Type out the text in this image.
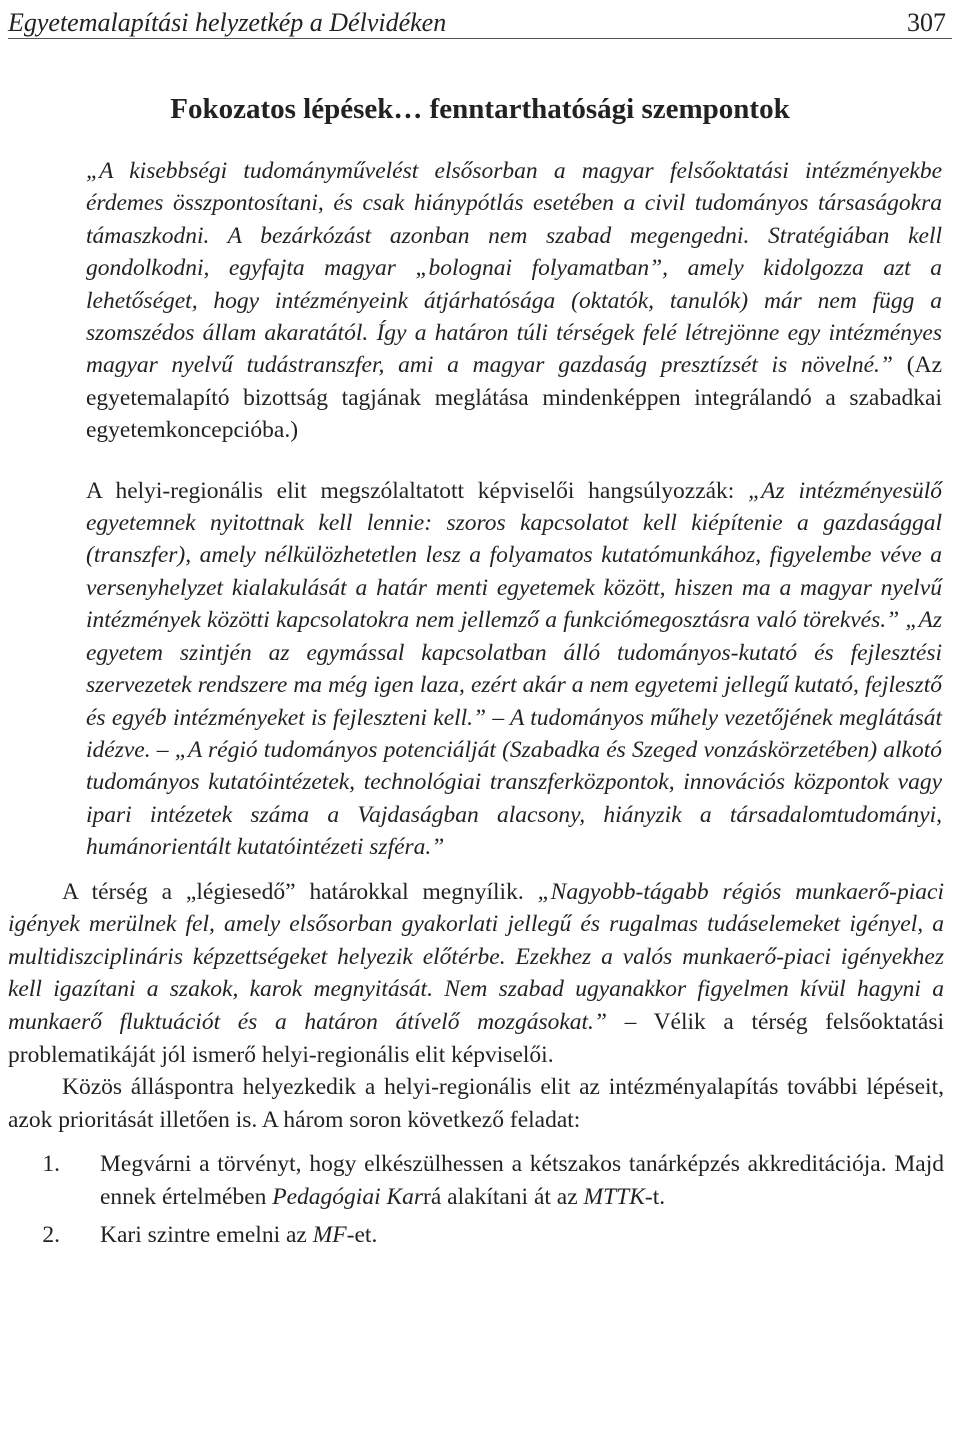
Egyetemalapítási helyzetkép a Délvidéken	307
Fokozatos lépések… fenntarthatósági szempontok
„A kisebbségi tudományművelést elsősorban a magyar felsőoktatási intézményekbe érdemes összpontosítani, és csak hiánypótlás esetében a civil tudományos társaságokra támaszkodni. A bezárkózást azonban nem szabad megengedni. Stratégiában kell gondolkodni, egyfajta magyar „bolognai folyamatban”, amely kidolgozza azt a lehetőséget, hogy intézményeink átjárhatósága (oktatók, tanulók) már nem függ a szomszédos állam akaratától. Így a határon túli térségek felé létrejönne egy intézményes magyar nyelvű tudástranszfer, ami a magyar gazdaság presztízsét is növelné.” (Az egyetemalapító bizottság tagjának meglátása mindenképpen integrálandó a szabadkai egyetemkoncepcióba.)
A helyi-regionális elit megszólaltatott képviselői hangsúlyozzák: „Az intézményesülő egyetemnek nyitottnak kell lennie: szoros kapcsolatot kell kiépítenie a gazdasággal (transzfer), amely nélkülözhetetlen lesz a folyamatos kutatómunkához, figyelembe véve a versenyhelyzet kialakulását a határ menti egyetemek között, hiszen ma a magyar nyelvű intézmények közötti kapcsolatokra nem jellemző a funkciómegosztásra való törekvés.” „Az egyetem szintjén az egymással kapcsolatban álló tudományos-kutató és fejlesztési szervezetek rendszere ma még igen laza, ezért akár a nem egyetemi jellegű kutató, fejlesztő és egyéb intézményeket is fejleszteni kell.” – A tudományos műhely vezetőjének meglátását idézve. – „A régió tudományos potenciálját (Szabadka és Szeged vonzáskörzetében) alkotó tudományos kutatóintézetek, technológiai transzferközpontok, innovációs központok vagy ipari intézetek száma a Vajdaságban alacsony, hiányzik a társadalomtudományi, humánorientált kutatóintézeti szféra.”

A térség a „légiesedő” határokkal megnyílik. „Nagyobb-tágabb régiós munkaerő-piaci igények merülnek fel, amely elsősorban gyakorlati jellegű és rugalmas tudáselemeket igényel, a multidiszciplináris képzettségeket helyezik előtérbe. Ezekhez a valós munkaerő-piaci igényekhez kell igazítani a szakok, karok megnyitását. Nem szabad ugyanakkor figyelmen kívül hagyni a munkaerő fluktuációt és a határon átívelő mozgásokat.” – Vélik a térség felsőoktatási problematikáját jól ismerő helyi-regionális elit képviselői.

Közös álláspontra helyezkedik a helyi-regionális elit az intézményalapítás további lépéseit, azok prioritását illetően is. A három soron következő feladat:

1.	Megvárni a törvényt, hogy elkészülhessen a kétszakos tanárképzés akkreditációja. Majd ennek értelmében Pedagógiai Karrá alakítani át az MTTK-t.
2.	Kari szintre emelni az MF-et.
